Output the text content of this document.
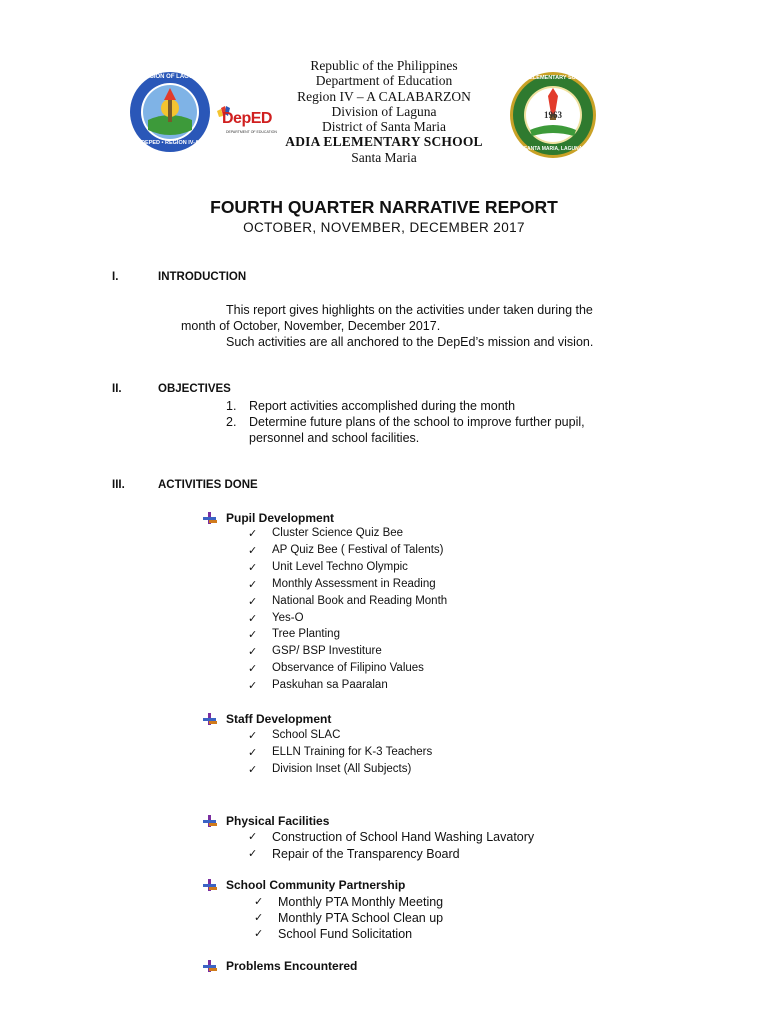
DIVISION OF LAGUNA
DEPED • REGION IV-A
DepED
DEPARTMENT OF EDUCATION
ADIA ELEMENTARY SCHOOL
1963
SANTA MARIA, LAGUNA
Republic of the Philippines
Department of Education
Region IV – A CALABARZON
Division of Laguna
District of Santa Maria
ADIA ELEMENTARY SCHOOL
Santa Maria
FOURTH QUARTER NARRATIVE REPORT
OCTOBER, NOVEMBER, DECEMBER 2017
I.	INTRODUCTION
This report gives highlights on the activities under taken during the
month of October, November, December 2017.
Such activities are all anchored to the DepEd’s mission and vision.
II.	OBJECTIVES
1. Report activities accomplished during the month
2. Determine future plans of the school to improve further pupil,
personnel and school facilities.
III.	ACTIVITIES DONE
Pupil Development
✓ Cluster Science Quiz Bee
✓ AP Quiz Bee ( Festival of Talents)
✓ Unit Level Techno Olympic
✓ Monthly Assessment in Reading
✓ National Book and Reading Month
✓ Yes-O
✓ Tree Planting
✓ GSP/ BSP Investiture
✓ Observance of Filipino Values
✓ Paskuhan sa Paaralan
Staff Development
✓ School SLAC
✓ ELLN Training for K-3 Teachers
✓ Division Inset (All Subjects)
Physical Facilities
✓ Construction of School Hand Washing Lavatory
✓ Repair of the Transparency Board
School Community Partnership
✓ Monthly PTA Monthly Meeting
✓ Monthly PTA School Clean up
✓ School Fund Solicitation
Problems Encountered
